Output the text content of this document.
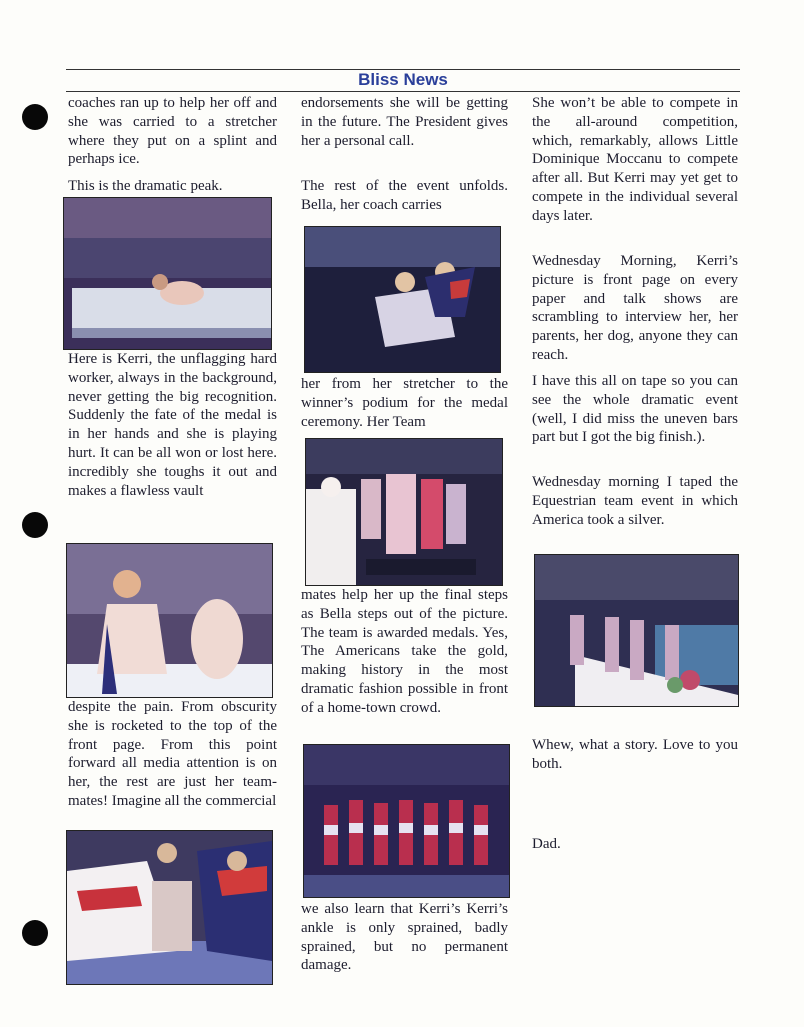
Bliss News

coaches ran up to help her off and she was carried to a stretcher where they put on a splint and perhaps ice.

This is the dramatic peak.

Here is Kerri, the unflagging hard worker, always in the background, never getting the big recognition. Suddenly the fate of the medal is in her hands and she is playing hurt. It can be all won or lost here. incredibly she toughs it out and makes a flawless vault

despite the pain. From obscurity she is rocketed to the top of the front page. From this point forward all media attention is on her, the rest are just her team-mates! Imagine all the commercial

endorsements she will be getting in the future. The President gives her a personal call.

The rest of the event unfolds. Bella, her coach carries

her from her stretcher to the winner’s podium for the medal ceremony. Her Team

mates help her up the final steps as Bella steps out of the picture. The team is awarded medals. Yes, The Americans take the gold, making history in the most dramatic fashion possible in front of a home-town crowd.

we also learn that Kerri’s Kerri’s ankle is only sprained, badly sprained, but no permanent damage.

She won’t be able to compete in the all-around competition, which, remarkably, allows Little Dominique Moccanu to compete after all. But Kerri may yet get to compete in the individual several days later.

Wednesday Morning, Kerri’s picture is front page on every paper and talk shows are scrambling to interview her, her parents, her dog, anyone they can reach.

I have this all on tape so you can see the whole dramatic event (well, I did miss the uneven bars part but I got the big finish.).

Wednesday morning I taped the Equestrian team event in which America took a silver.

Whew, what a story. Love to you both.

Dad.
